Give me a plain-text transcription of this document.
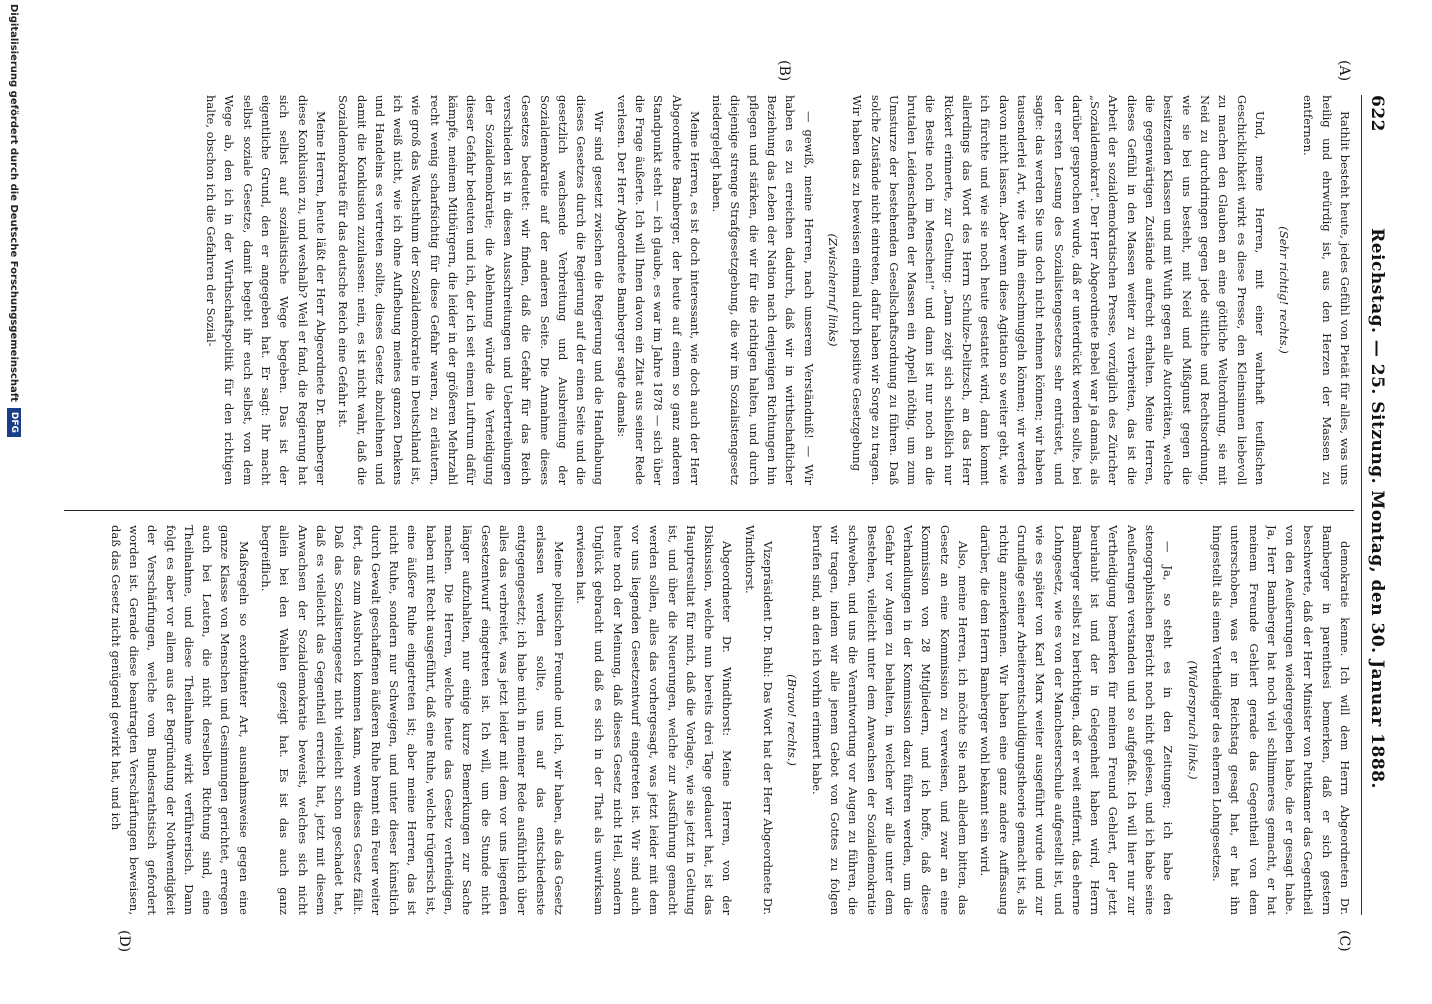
622
Reichstag. — 25. Sitzung. Montag, den 30. Januar 1888.
(A)
(B)
(C)
(D)

Rathlit besteht heute, jedes Gefühl von Pietät für alles, was uns heilig und ehrwürdig ist, aus den Herzen der Massen zu entfernen.

(Sehr richtig! rechts.)

Und, meine Herren, mit einer wahrhaft teuflischen Geschicklichkeit wirkt es diese Presse, den Kleinsinnen liebevoll zu machen den Glauben an eine göttliche Weltordnung, sie mit Neid zu durchdringen gegen jede sittliche und Rechtsordnung, wie sie bei uns besteht, mit Neid und Mißgunst gegen die besitzenden Klassen und mit Wuth gegen alle Autoritäten, welche die gegenwärtigen Zustände aufrecht erhalten. Meine Herren, dieses Gefühl in den Massen weiter zu verbreiten, das ist die Arbeit der sozialdemokratischen Presse, vorzüglich des Züricher „Sozialdemokrat“. Der Herr Abgeordnete Bebel war ja damals, als darüber gesprochen wurde, daß er unterdrückt werden sollte, bei der ersten Lesung des Sozialistengesetzes sehr entrüstet, und sagte: das werden Sie uns doch nicht nehmen können; wir haben tausenderlei Art, wie wir ihn einschmuggeln können; wir werden davon nicht lassen. Aber wenn diese Agitation so weiter geht, wie ich fürchte und wie sie noch heute gestattet wird, dann kommt allerdings das Wort des Herrn Schulze-Delitzsch, an das Herr Rickert erinnerte, zur Geltung: „Dann zeigt sich schließlich nur die Bestie noch im Menschen!“ und dann ist nur noch an die brutalen Leidenschaften der Massen ein Appell nöthig, um zum Umsturze der bestehenden Gesellschaftsordnung zu führen. Daß solche Zustände nicht eintreten, dafür haben wir Sorge zu tragen. Wir haben das zu beweisen einmal durch positive Gesetzgebung

(Zwischenruf links)

— gewiß, meine Herren, nach unserem Verständniß! — Wir haben es zu erreichen dadurch, daß wir in wirthschaftlicher Beziehung das Leben der Nation nach denjenigen Richtungen hin pflegen und stärken, die wir für die richtigen halten, und durch diejenige strenge Strafgesetzgebung, die wir im Sozialistengesetz niedergelegt haben.

Meine Herren, es ist doch interessant, wie doch auch der Herr Abgeordnete Bamberger, der heute auf einem so ganz anderen Standpunkt steht — ich glaube, es war im Jahre 1878 — sich über die Frage äußerte. Ich will Ihnen davon ein Zitat aus seiner Rede verlesen. Der Herr Abgeordnete Bamberger sagte damals:

Wir sind gesetzt zwischen die Regierung und die Handhabung dieses Gesetzes durch die Regierung auf der einen Seite und die gesetzlich wachsende Verbreitung und Ausbreitung der Sozialdemokratie auf der anderen Seite. Die Annahme dieses Gesetzes bedeutet: wir finden, daß die Gefahr für das Reich verschieden ist in diesen Ausschreitungen und Uebertreibungen der Sozialdemokratie; die Ablehnung würde die Verteidigung dieser Gefahr bedeuten und ich, der ich seit einem Luftrum dafür kämpfe, meinem Mitbürgern, die leider in der größeren Mehrzahl recht wenig scharfsichtig für diese Gefahr waren, zu erläutern, wie groß das Wachsthum der Sozialdemokratie in Deutschland ist, ich weiß nicht, wie ich ohne Aufhebung meines ganzen Denkens und Handelns es vertreten sollte, dieses Gesetz abzulehnen und damit die Konklusion zuzulassen: nein, es ist nicht wahr, daß die Sozialdemokratie für das deutsche Reich eine Gefahr ist.

Meine Herren, heute läßt der Herr Abgeordnete Dr. Bamberger diese Konklusion zu, und weshalb? Weil er fand, die Regierung hat sich selbst auf sozialistische Wege begeben. Das ist der eigentliche Grund, den er angegeben hat. Er sagt: Ihr macht selbst soziale Gesetze, damit begebt ihr euch selbst, von dem Wege ab, den ich in der Wirthschaftspolitik für den richtigen halte, obschon ich die Gefahren der Sozial-

demokratie kenne. Ich will dem Herrn Abgeordneten Dr. Bamberger in parenthesi bemerken, daß er sich gestern beschwerte, daß der Herr Minister von Puttkamer das Gegentheil von den Aeußerungen wiedergegeben habe, die er gesagt habe. Ja, Herr Bamberger hat noch viel schlimmeres gemacht, er hat meinem Freunde Gehlert gerade das Gegentheil von dem unterschoben, was er im Reichstag gesagt hat, er hat ihn hingestellt als einen Vertheidiger des ehernen Lohngesetzes.

(Widerspruch links.)

— Ja, so steht es in den Zeitungen; ich habe den stenographischen Bericht noch nicht gelesen, und ich habe seine Aeußerungen verstanden und so aufgefaßt. Ich will hier nur zur Vertheidigung bemerken für meinen Freund Gehlert, der jetzt beurlaubt ist und der in Gelegenheit haben wird, Herrn Bamberger selbst zu berichtigen, daß er weit entfernt, das eherne Lohngesetz, wie es von der Manchesterschule aufgestellt ist, und wie es später von Karl Marx weiter ausgeführt wurde und zur Grundlage seiner Arbeiterentschuldigungstheorie gemacht ist, als richtig anzuerkennen. Wir haben eine ganz andere Auffassung darüber, die dem Herrn Bamberger wohl bekannt sein wird.

Also, meine Herren, ich möchte Sie nach alledem bitten, das Gesetz an eine Kommission zu verweisen, und zwar an eine Kommission von 28 Mitgliedern, und ich hoffe, daß diese Verhandlungen in der Kommission dazu führen werden, um die Gefahr vor Augen zu behalten, in welcher wir alle unter dem Bestehen, vielleicht unter dem Anwachsen der Sozialdemokratie schweben, und uns die Verantwortung vor Augen zu führen, die wir tragen, indem wir alle jenem Gebot von Gottes zu folgen berufen sind, an den ich vorhin erinnert habe.

(Bravo! rechts.)

Vizepräsident Dr. Buhl: Das Wort hat der Herr Abgeordnete Dr. Windthorst.

Abgeordneter Dr. Windthorst: Meine Herren, von der Diskussion, welche nun bereits drei Tage gedauert hat, ist das Hauptresultat für mich, daß die Vorlage, wie sie jetzt in Geltung ist, und über die Neuerungen, welche zur Ausführung gemacht werden sollen, alles das vorhergesagt, was jetzt leider mit dem vor uns liegenden Gesetzentwurf eingetreten ist. Wir sind auch heute noch der Meinung, daß dieses Gesetz nicht Heil, sondern Unglück gebracht und daß es sich in der That als unwirksam erwiesen hat.

Meine politischen Freunde und ich, wir haben, als das Gesetz erlassen werden sollte, uns auf das entschiedenste entgegengesetzt; ich habe mich in meiner Rede ausführlich über alles das verbreitet, was jetzt leider mit dem vor uns liegenden Gesetzentwurf eingetreten ist. Ich will, um die Stunde nicht länger aufzuhalten, nur einige kurze Bemerkungen zur Sache machen. Die Herren, welche heute das Gesetz vertheidigen, haben mit Recht ausgeführt, daß eine Ruhe, welche trügerisch ist, eine äußere Ruhe eingetreten ist; aber meine Herren, das ist nicht Ruhe, sondern nur Schweigen, und unter dieser künstlich durch Gewalt geschaffenen äußeren Ruhe brennt ein Feuer weiter fort, das zum Ausbruch kommen kann, wenn dieses Gesetz fällt. Daß das Sozialistengesetz nicht vielleicht schon geschadet hat, daß es vielleicht das Gegentheil erreicht hat, jetzt mit diesem Anwachsen der Sozialdemokratie beweist, welches sich nicht allein bei den Wahlen gezeigt hat. Es ist das auch ganz begreiflich.

Maßregeln so exorbitanter Art, ausnahmsweise gegen eine ganze Klasse von Menschen und Gesinnungen gerichtet, erregen auch bei Leuten, die nicht derselben Richtung sind, eine Theilnahme, und diese Theilnahme wirkt verführerisch. Dann folgt es aber vor allem aus der Begründung der Nothwendigkeit der Verschärfungen, welche vom Bundesrathstisch gefordert worden ist. Gerade diese beantragten Verschärfungen beweisen, daß das Gesetz nicht genügend gewirkt hat, und ich

Digitalisierung gefördert durch die Deutsche Forschungsgemeinschaft
DFG
